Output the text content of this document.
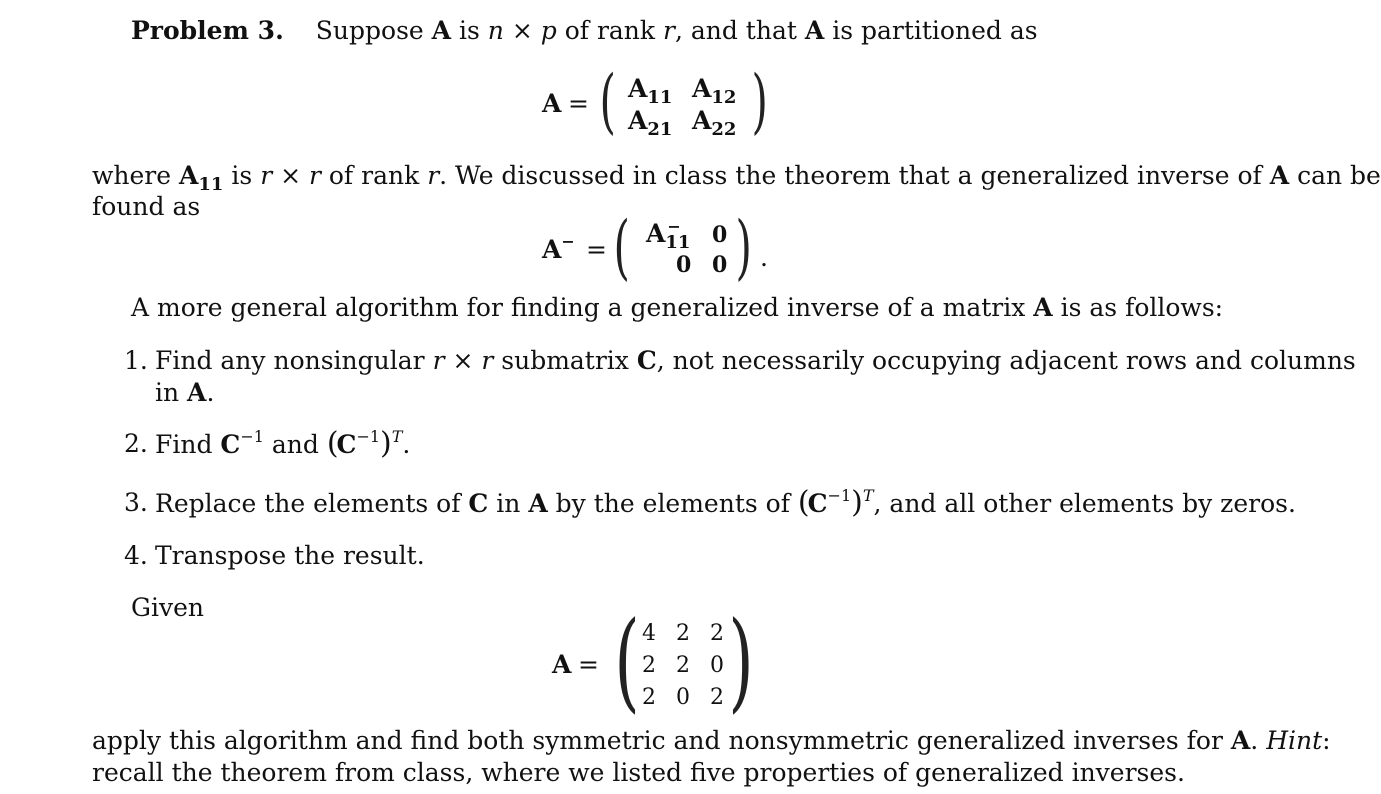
Problem 3. Suppose A is n × p of rank r, and that A is partitioned as
A = ( $A_{11}$ $A_{12}$
$A_{21}$ $A_{22}$ )
where $A_{11}$ is r × r of rank r. We discussed in class the theorem that a generalized inverse of A can be
found as
A− = ( $A_{11}$
− 0
0 0 ) .
A more general algorithm for finding a generalized inverse of a matrix A is as follows:
1. Find any nonsingular r × r submatrix C, not necessarily occupying adjacent rows and columns
in A.
2. Find $C^{-1}$ and $(C^{-1})^T$.
3. Replace the elements of C in A by the elements of $(C^{-1})^T$, and all other elements by zeros.
4. Transpose the result.
Given
A = ( 4 2 2
2 2 0
2 0 2 )
apply this algorithm and find both symmetric and nonsymmetric generalized inverses for A. Hint:
recall the theorem from class, where we listed five properties of generalized inverses.
